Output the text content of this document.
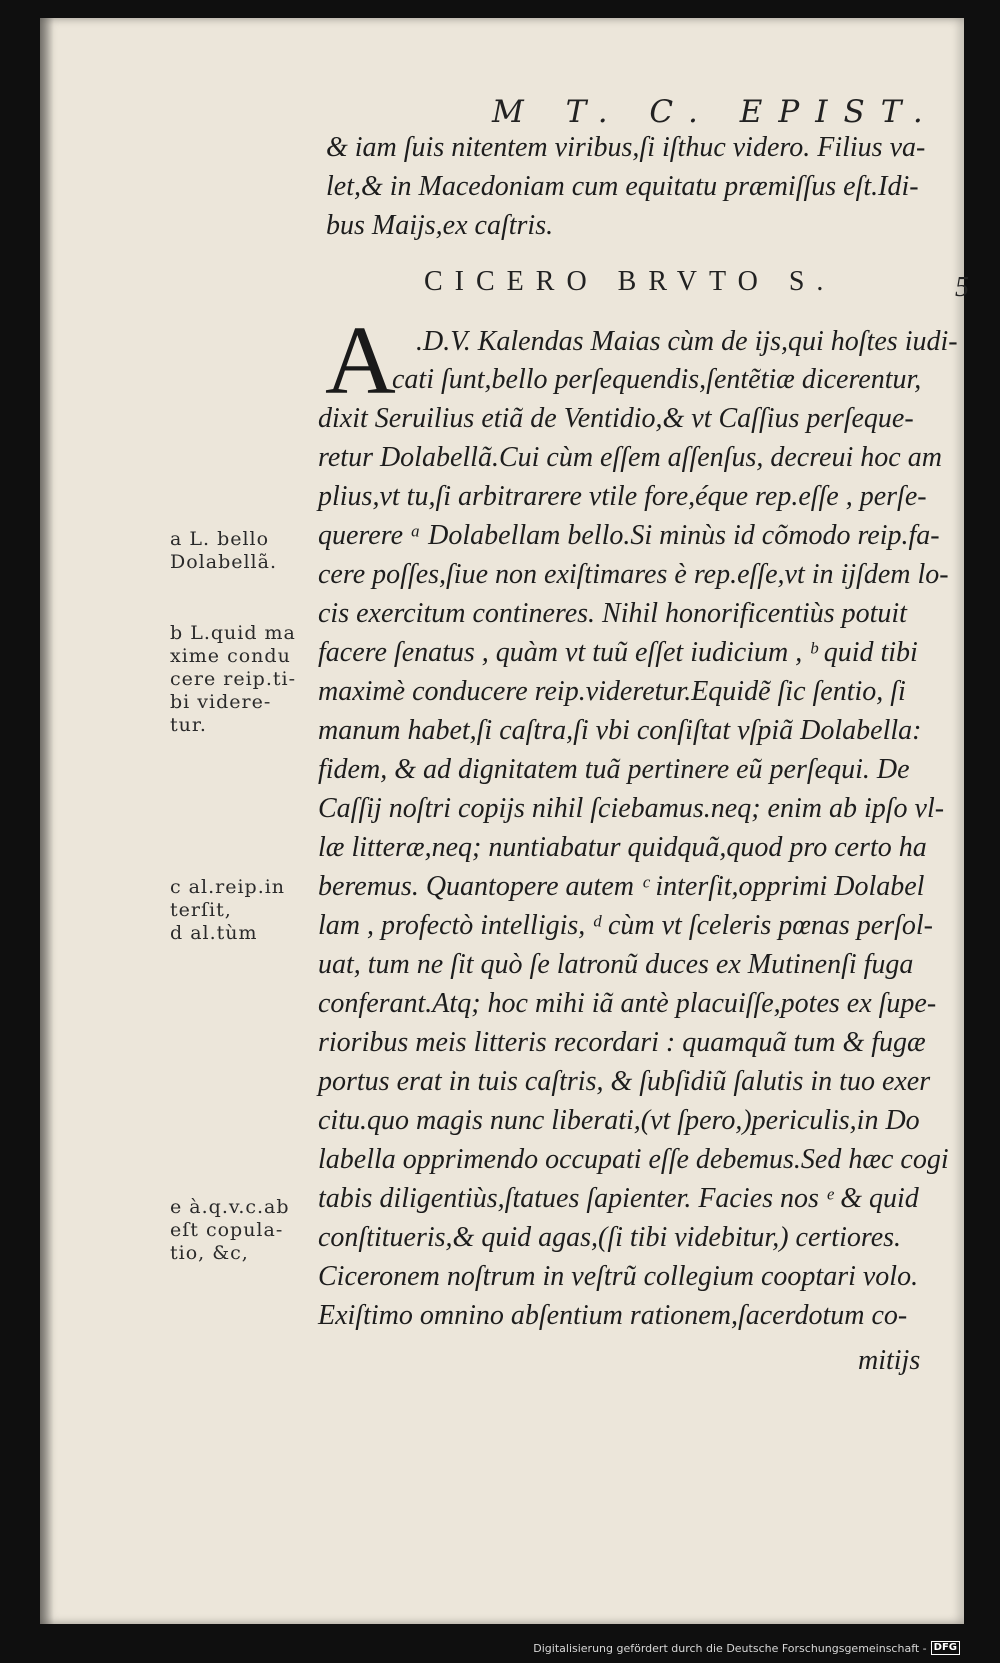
M T. C. EPIST.
5
& iam ſuis nitentem viribus,ſi iſthuc videro. Filius va-
let,& in Macedoniam cum equitatu præmiſſus eſt.Idi-
bus Maijs,ex caſtris.
CICERO BRVTO S.
A .D.V. Kalendas Maias cùm de ijs,qui hoſtes iudi-
cati ſunt,bello perſequendis,ſentẽtiæ dicerentur,
dixit Seruilius etiã de Ventidio,& vt Caſſius perſeque-
retur Dolabellã.Cui cùm eſſem aſſenſus, decreui hoc am
plius,vt tu,ſi arbitrarere vtile fore,éque rep.eſſe , perſe-
querere ᵃ Dolabellam bello.Si minùs id cõmodo reip.fa-
cere poſſes,ſiue non exiſtimares è rep.eſſe,vt in ijſdem lo-
cis exercitum contineres. Nihil honorificentiùs potuit
facere ſenatus , quàm vt tuũ eſſet iudicium , ᵇ quid tibi
maximè conducere reip.videretur.Equidẽ ſic ſentio, ſi
manum habet,ſi caſtra,ſi vbi conſiſtat vſpiã Dolabella:
fidem, & ad dignitatem tuã pertinere eũ perſequi. De
Caſſij noſtri copijs nihil ſciebamus.neq; enim ab ipſo vl-
læ litteræ,neq; nuntiabatur quidquã,quod pro certo ha
beremus. Quantopere autem ᶜ interſit,opprimi Dolabel
lam , profectò intelligis, ᵈ cùm vt ſceleris pœnas perſol-
uat, tum ne ſit quò ſe latronũ duces ex Mutinenſi fuga
conferant.Atq; hoc mihi iã antè placuiſſe,potes ex ſupe-
rioribus meis litteris recordari : quamquã tum & fugæ
portus erat in tuis caſtris, & ſubſidiũ ſalutis in tuo exer
citu.quo magis nunc liberati,(vt ſpero,)periculis,in Do
labella opprimendo occupati eſſe debemus.Sed hæc cogi
tabis diligentiùs,ſtatues ſapienter. Facies nos ᵉ & quid
conſtitueris,& quid agas,(ſi tibi videbitur,) certiores.
Ciceronem noſtrum in veſtrũ collegium cooptari volo.
Exiſtimo omnino abſentium rationem,ſacerdotum co-
mitijs
a L. bello
Dolabellã.
b L.quid ma
xime condu
cere reip.ti-
bi videre-
tur.
c al.reip.in
terſit,
d al.tùm
e à.q.v.c.ab
eſt copula-
tio, &c,
Digitalisierung gefördert durch die Deutsche Forschungsgemeinschaft - DFG
